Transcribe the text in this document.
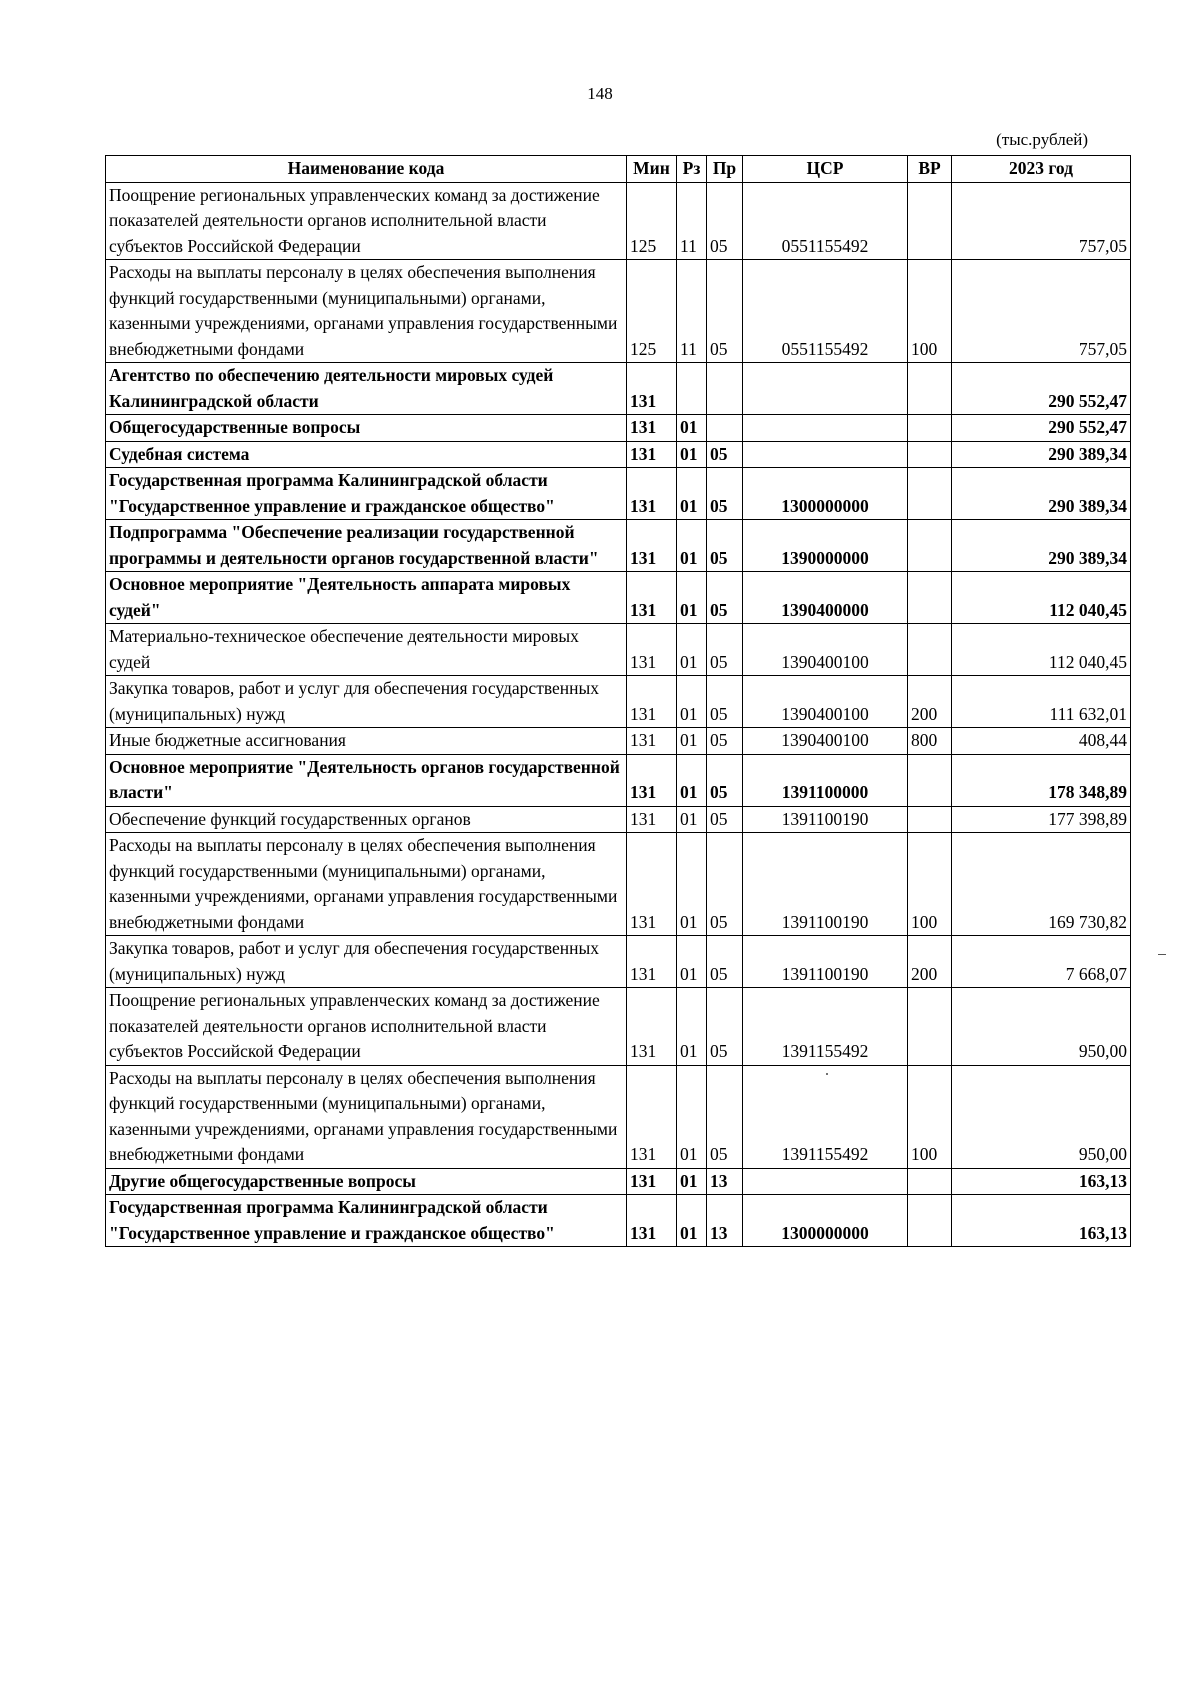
148
(тыс.рублей)
Наименование кода	Мин	Рз	Пр	ЦСР	ВР	2023 год
Поощрение региональных управленческих команд за достижение показателей деятельности органов исполнительной власти субъектов Российской Федерации	125	11	05	0551155492		757,05
Расходы на выплаты персоналу в целях обеспечения выполнения функций государственными (муниципальными) органами, казенными учреждениями, органами управления государственными внебюджетными фондами	125	11	05	0551155492	100	757,05
Агентство по обеспечению деятельности мировых судей Калининградской области	131					290 552,47
Общегосударственные вопросы	131	01				290 552,47
Судебная система	131	01	05			290 389,34
Государственная программа Калининградской области "Государственное управление и гражданское общество"	131	01	05	1300000000		290 389,34
Подпрограмма "Обеспечение реализации государственной программы и деятельности органов государственной власти"	131	01	05	1390000000		290 389,34
Основное мероприятие "Деятельность аппарата мировых судей"	131	01	05	1390400000		112 040,45
Материально-техническое обеспечение деятельности мировых судей	131	01	05	1390400100		112 040,45
Закупка товаров, работ и услуг для обеспечения государственных (муниципальных) нужд	131	01	05	1390400100	200	111 632,01
Иные бюджетные ассигнования	131	01	05	1390400100	800	408,44
Основное мероприятие "Деятельность органов государственной власти"	131	01	05	1391100000		178 348,89
Обеспечение функций государственных органов	131	01	05	1391100190		177 398,89
Расходы на выплаты персоналу в целях обеспечения выполнения функций государственными (муниципальными) органами, казенными учреждениями, органами управления государственными внебюджетными фондами	131	01	05	1391100190	100	169 730,82
Закупка товаров, работ и услуг для обеспечения государственных (муниципальных) нужд	131	01	05	1391100190	200	7 668,07
Поощрение региональных управленческих команд за достижение показателей деятельности органов исполнительной власти субъектов Российской Федерации	131	01	05	1391155492		950,00
Расходы на выплаты персоналу в целях обеспечения выполнения функций государственными (муниципальными) органами, казенными учреждениями, органами управления государственными внебюджетными фондами	131	01	05	1391155492	100	950,00
Другие общегосударственные вопросы	131	01	13			163,13
Государственная программа Калининградской области "Государственное управление и гражданское общество"	131	01	13	1300000000		163,13
